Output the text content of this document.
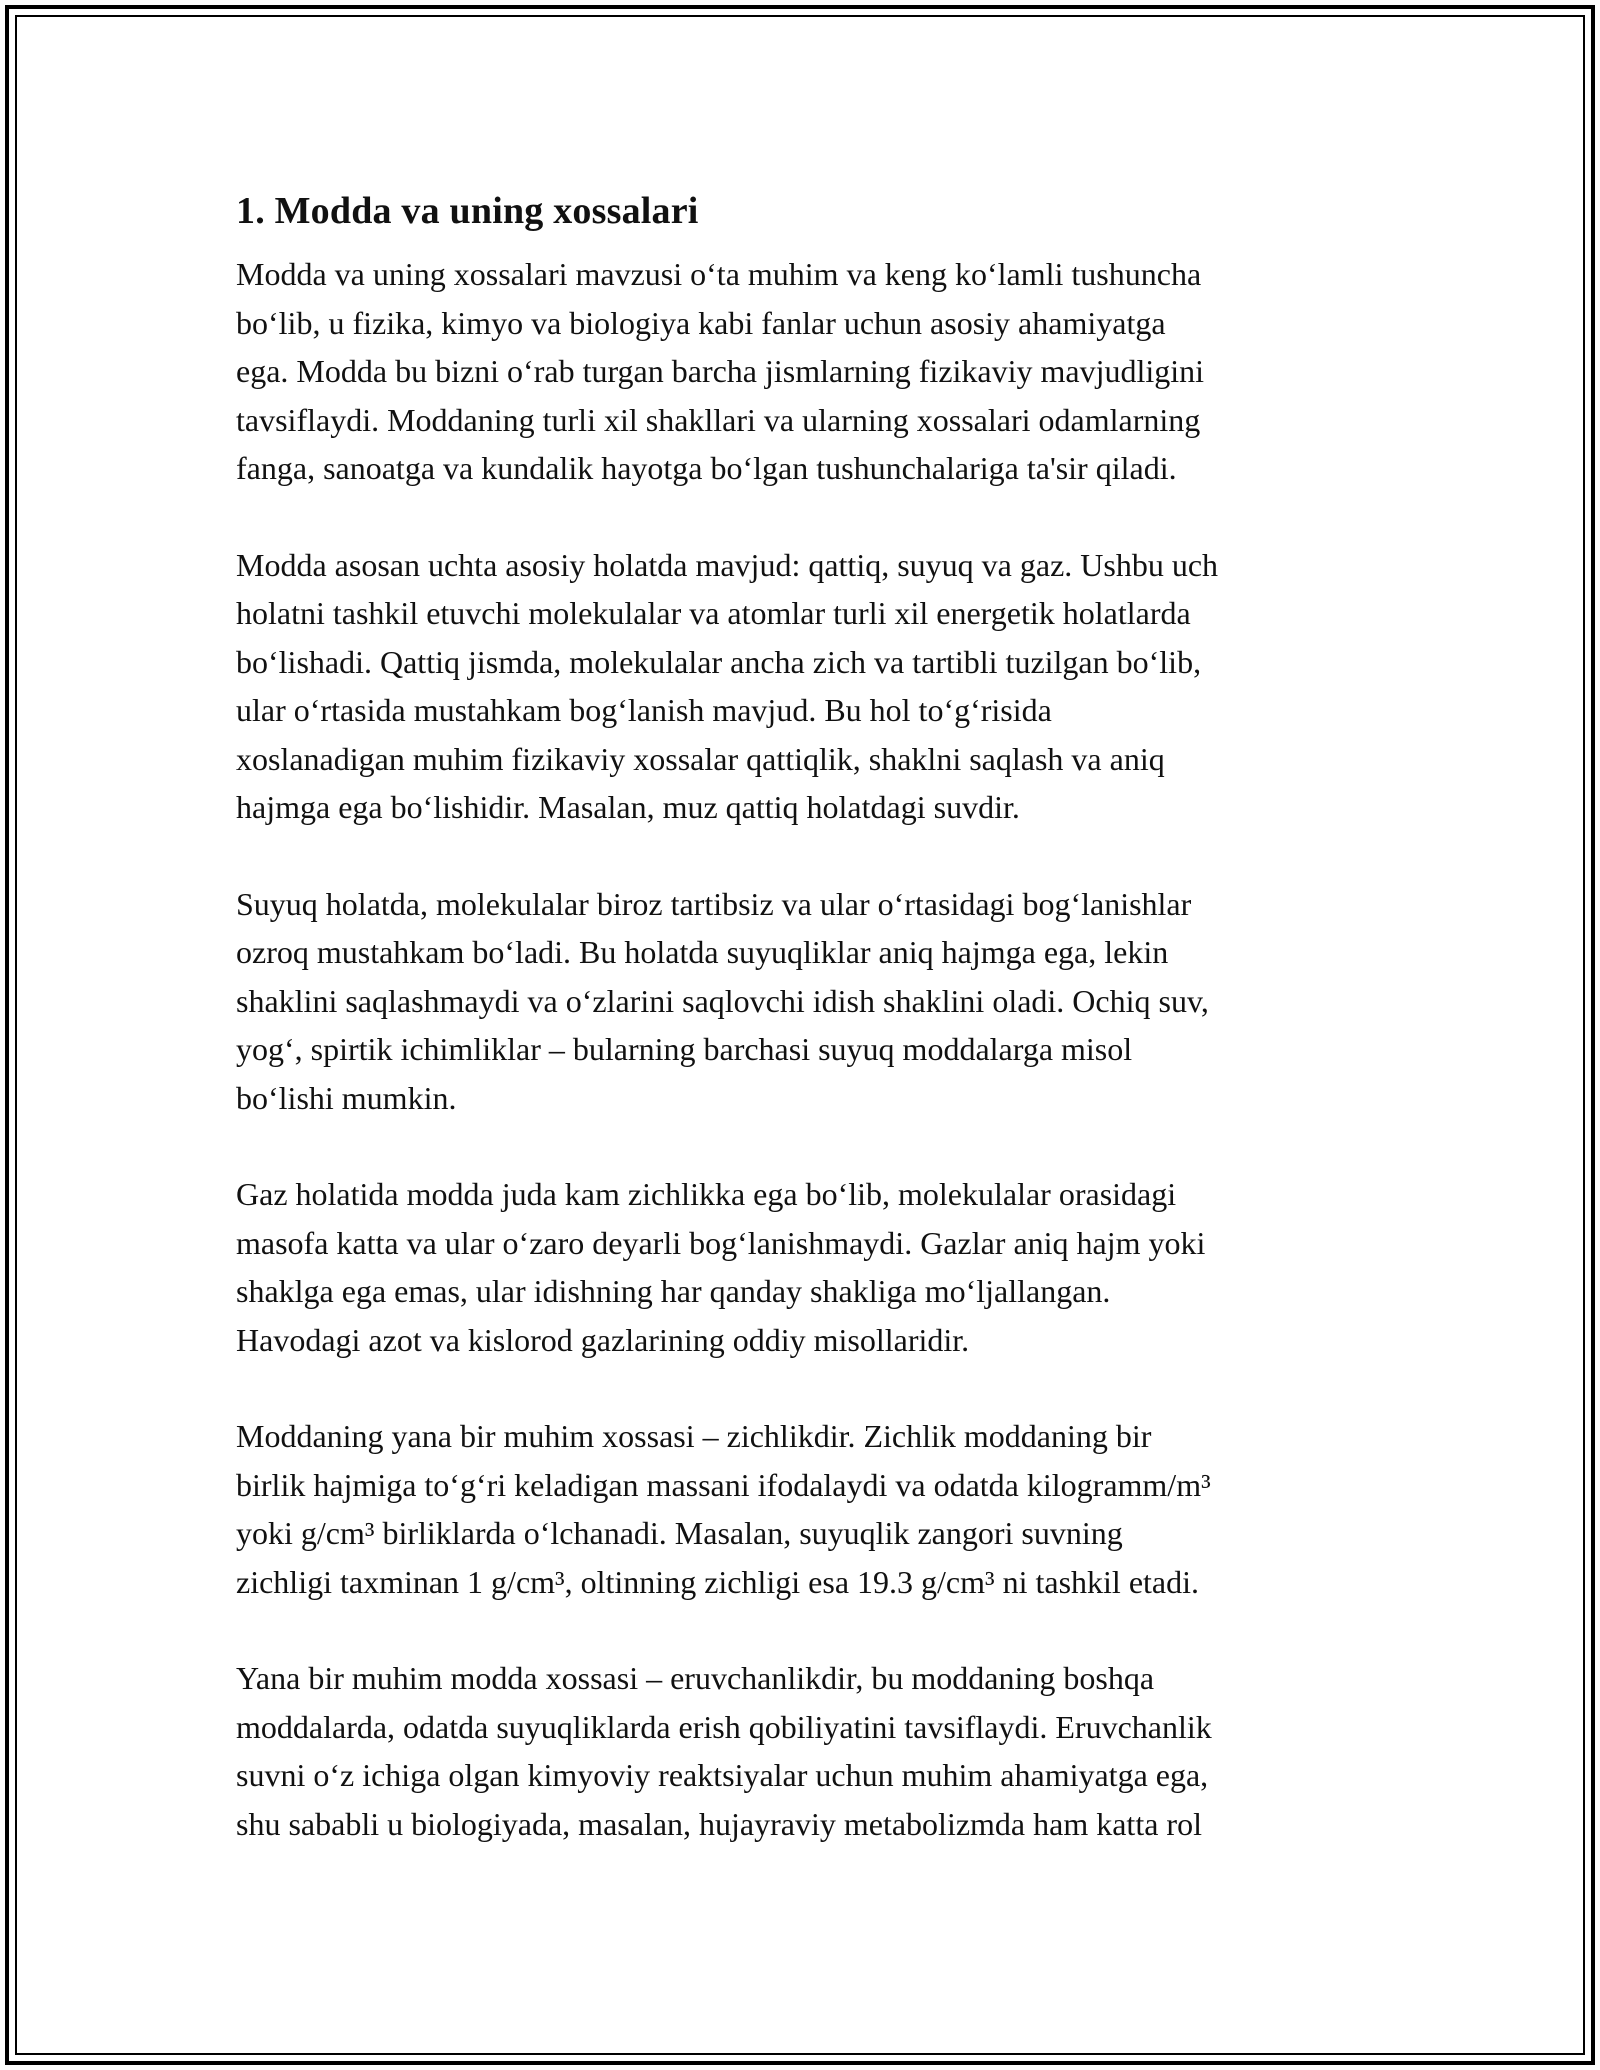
1. Modda va uning xossalari

Modda va uning xossalari mavzusi o‘ta muhim va keng ko‘lamli tushuncha
bo‘lib, u fizika, kimyo va biologiya kabi fanlar uchun asosiy ahamiyatga
ega. Modda bu bizni o‘rab turgan barcha jismlarning fizikaviy mavjudligini
tavsiflaydi. Moddaning turli xil shakllari va ularning xossalari odamlarning
fanga, sanoatga va kundalik hayotga bo‘lgan tushunchalariga ta'sir qiladi.

Modda asosan uchta asosiy holatda mavjud: qattiq, suyuq va gaz. Ushbu uch
holatni tashkil etuvchi molekulalar va atomlar turli xil energetik holatlarda
bo‘lishadi. Qattiq jismda, molekulalar ancha zich va tartibli tuzilgan bo‘lib,
ular o‘rtasida mustahkam bog‘lanish mavjud. Bu hol to‘g‘risida
xoslanadigan muhim fizikaviy xossalar qattiqlik, shaklni saqlash va aniq
hajmga ega bo‘lishidir. Masalan, muz qattiq holatdagi suvdir.

Suyuq holatda, molekulalar biroz tartibsiz va ular o‘rtasidagi bog‘lanishlar
ozroq mustahkam bo‘ladi. Bu holatda suyuqliklar aniq hajmga ega, lekin
shaklini saqlashmaydi va o‘zlarini saqlovchi idish shaklini oladi. Ochiq suv,
yog‘, spirtik ichimliklar – bularning barchasi suyuq moddalarga misol
bo‘lishi mumkin.

Gaz holatida modda juda kam zichlikka ega bo‘lib, molekulalar orasidagi
masofa katta va ular o‘zaro deyarli bog‘lanishmaydi. Gazlar aniq hajm yoki
shaklga ega emas, ular idishning har qanday shakliga mo‘ljallangan.
Havodagi azot va kislorod gazlarining oddiy misollaridir.

Moddaning yana bir muhim xossasi – zichlikdir. Zichlik moddaning bir
birlik hajmiga to‘g‘ri keladigan massani ifodalaydi va odatda kilogramm/m³
yoki g/cm³ birliklarda o‘lchanadi. Masalan, suyuqlik zangori suvning
zichligi taxminan 1 g/cm³, oltinning zichligi esa 19.3 g/cm³ ni tashkil etadi.

Yana bir muhim modda xossasi – eruvchanlikdir, bu moddaning boshqa
moddalarda, odatda suyuqliklarda erish qobiliyatini tavsiflaydi. Eruvchanlik
suvni o‘z ichiga olgan kimyoviy reaktsiyalar uchun muhim ahamiyatga ega,
shu sababli u biologiyada, masalan, hujayraviy metabolizmda ham katta rol
